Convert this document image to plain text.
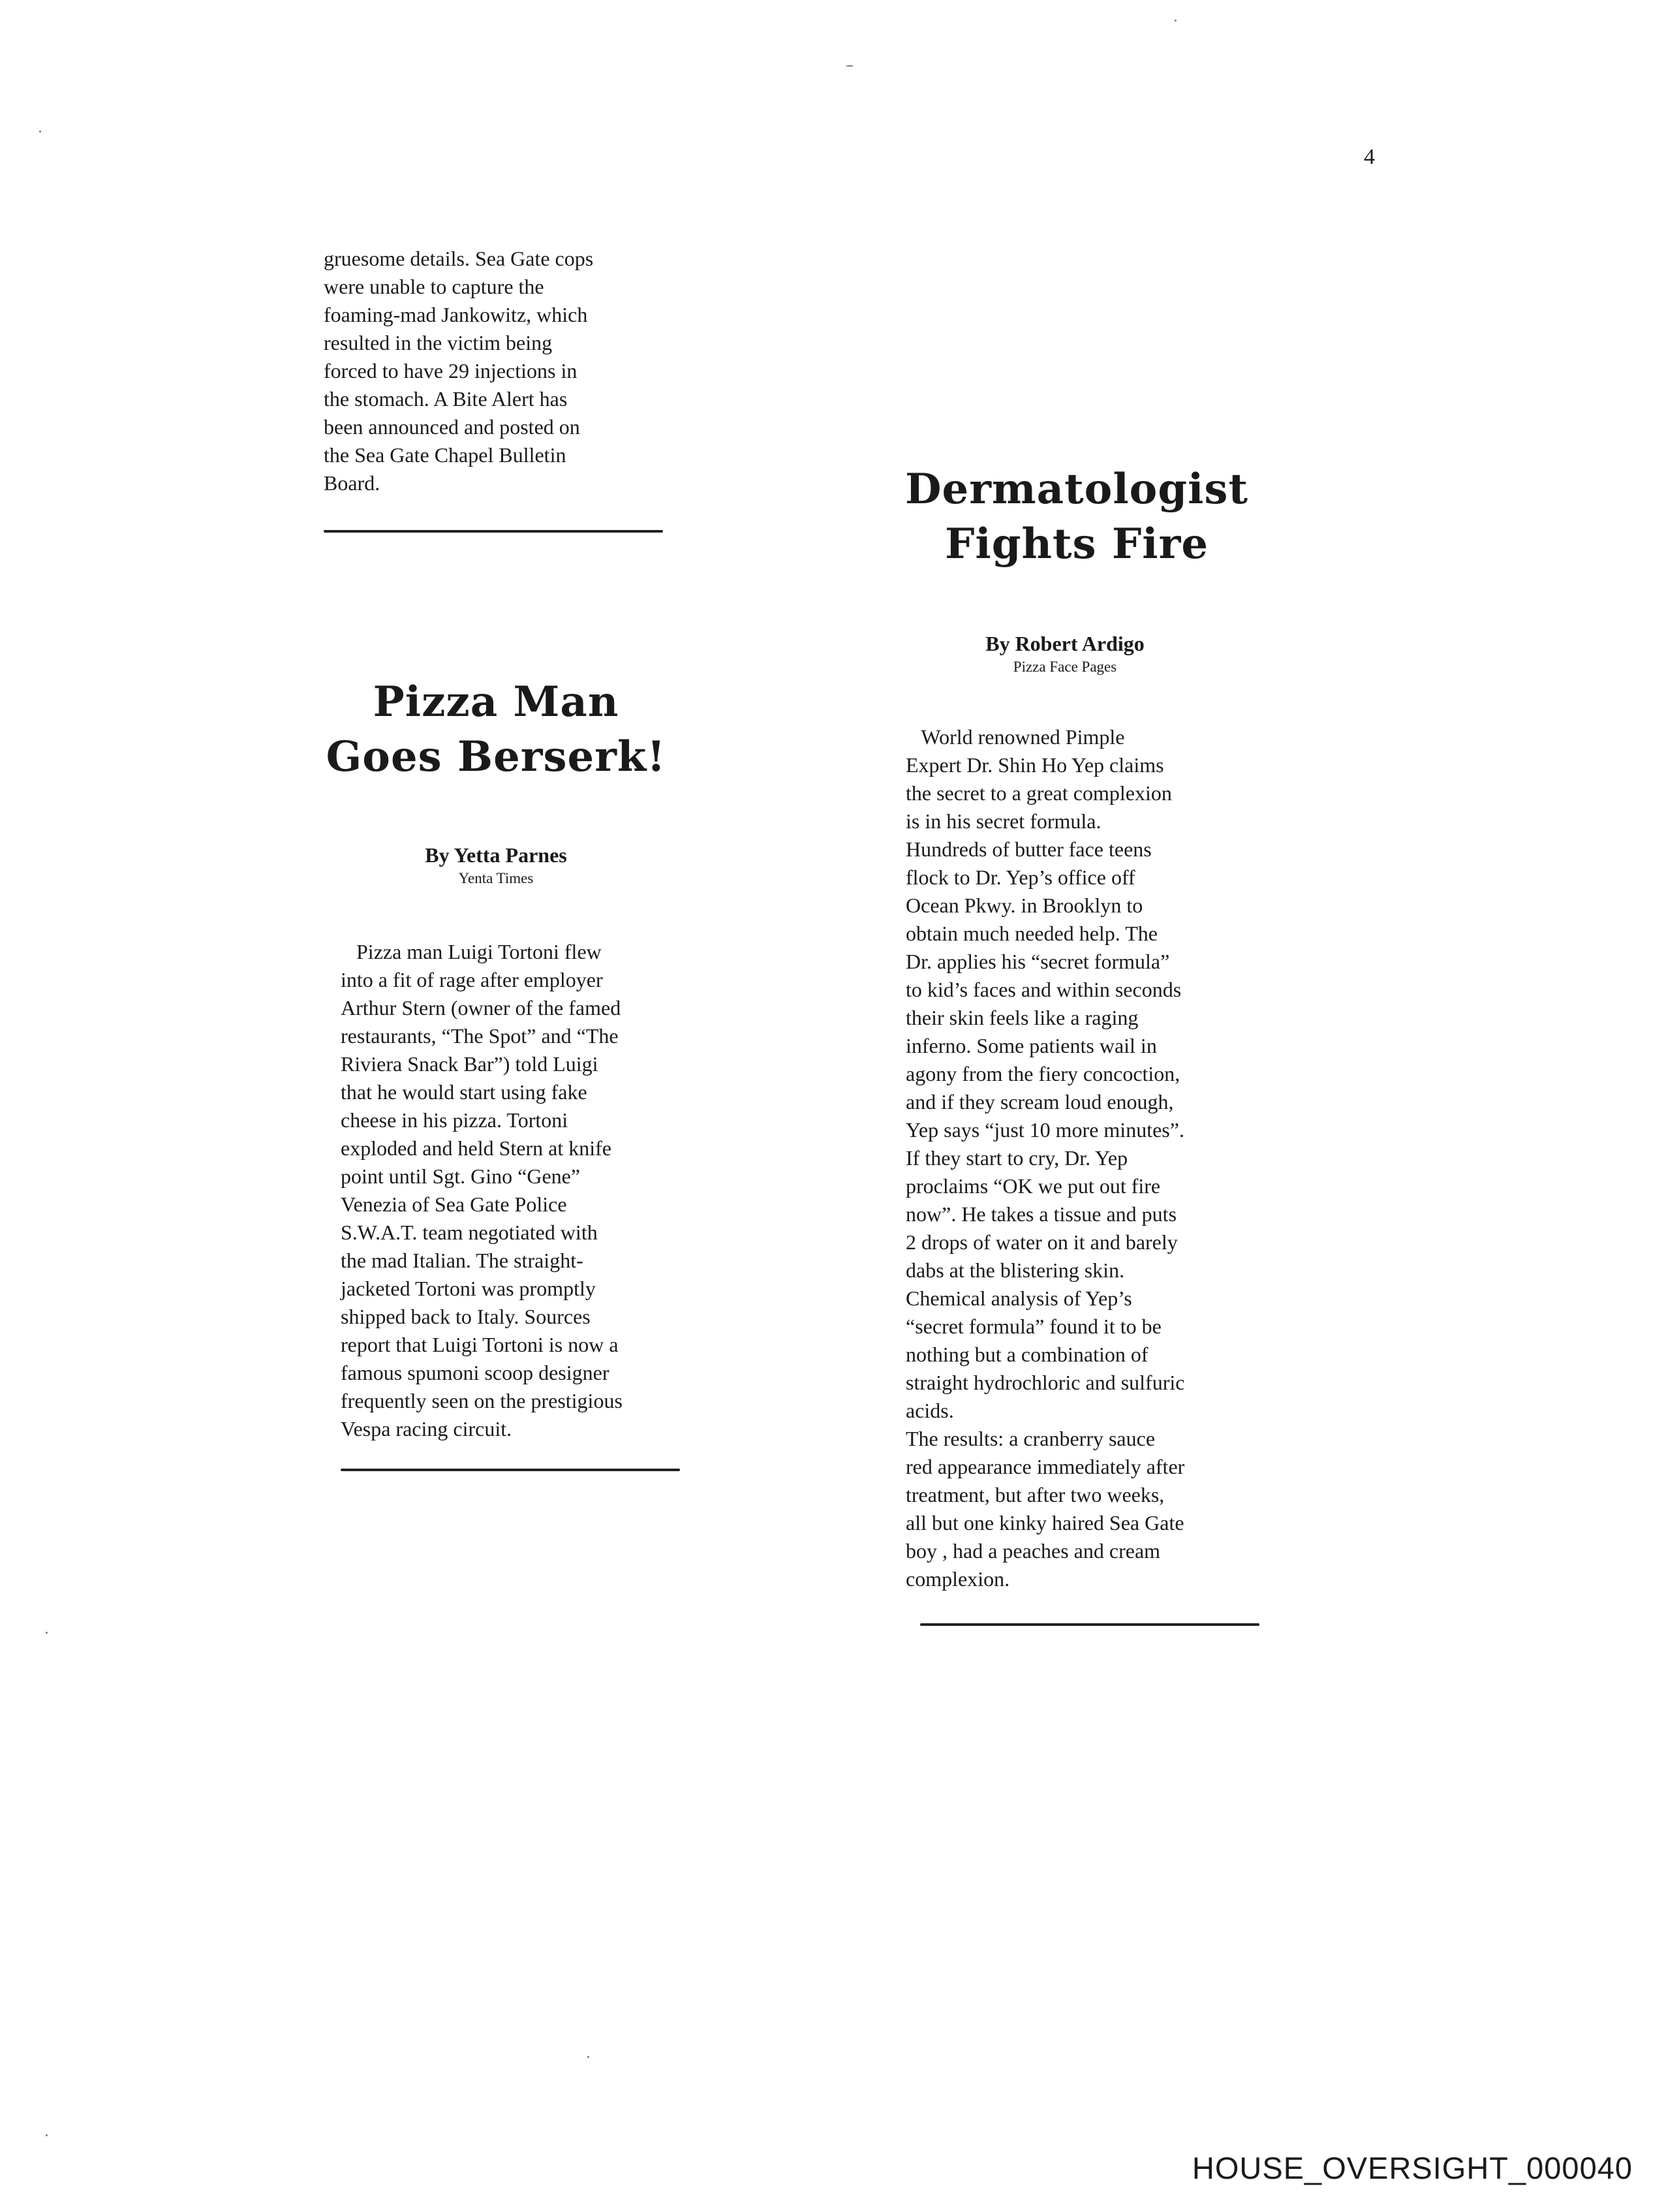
4
gruesome details. Sea Gate cops
were unable to capture the
foaming-mad Jankowitz, which
resulted in the victim being
forced to have 29 injections in
the stomach. A Bite Alert has
been announced and posted on
the Sea Gate Chapel Bulletin
Board.
Pizza Man
Goes Berserk!
By Yetta Parnes
Yenta Times
Pizza man Luigi Tortoni flew
into a fit of rage after employer
Arthur Stern (owner of the famed
restaurants, “The Spot” and “The
Riviera Snack Bar”) told Luigi
that he would start using fake
cheese in his pizza. Tortoni
exploded and held Stern at knife
point until Sgt. Gino “Gene”
Venezia of Sea Gate Police
S.W.A.T. team negotiated with
the mad Italian. The straight-
jacketed Tortoni was promptly
shipped back to Italy. Sources
report that Luigi Tortoni is now a
famous spumoni scoop designer
frequently seen on the prestigious
Vespa racing circuit.
Dermatologist
Fights Fire
By Robert Ardigo
Pizza Face Pages
World renowned Pimple
Expert Dr. Shin Ho Yep claims
the secret to a great complexion
is in his secret formula.
Hundreds of butter face teens
flock to Dr. Yep’s office off
Ocean Pkwy. in Brooklyn to
obtain much needed help. The
Dr. applies his “secret formula”
to kid’s faces and within seconds
their skin feels like a raging
inferno. Some patients wail in
agony from the fiery concoction,
and if they scream loud enough,
Yep says “just 10 more minutes”.
If they start to cry, Dr. Yep
proclaims “OK we put out fire
now”. He takes a tissue and puts
2 drops of water on it and barely
dabs at the blistering skin.
Chemical analysis of Yep’s
“secret formula” found it to be
nothing but a combination of
straight hydrochloric and sulfuric
acids.
The results: a cranberry sauce
red appearance immediately after
treatment, but after two weeks,
all but one kinky haired Sea Gate
boy , had a peaches and cream
complexion.
HOUSE_OVERSIGHT_000040
